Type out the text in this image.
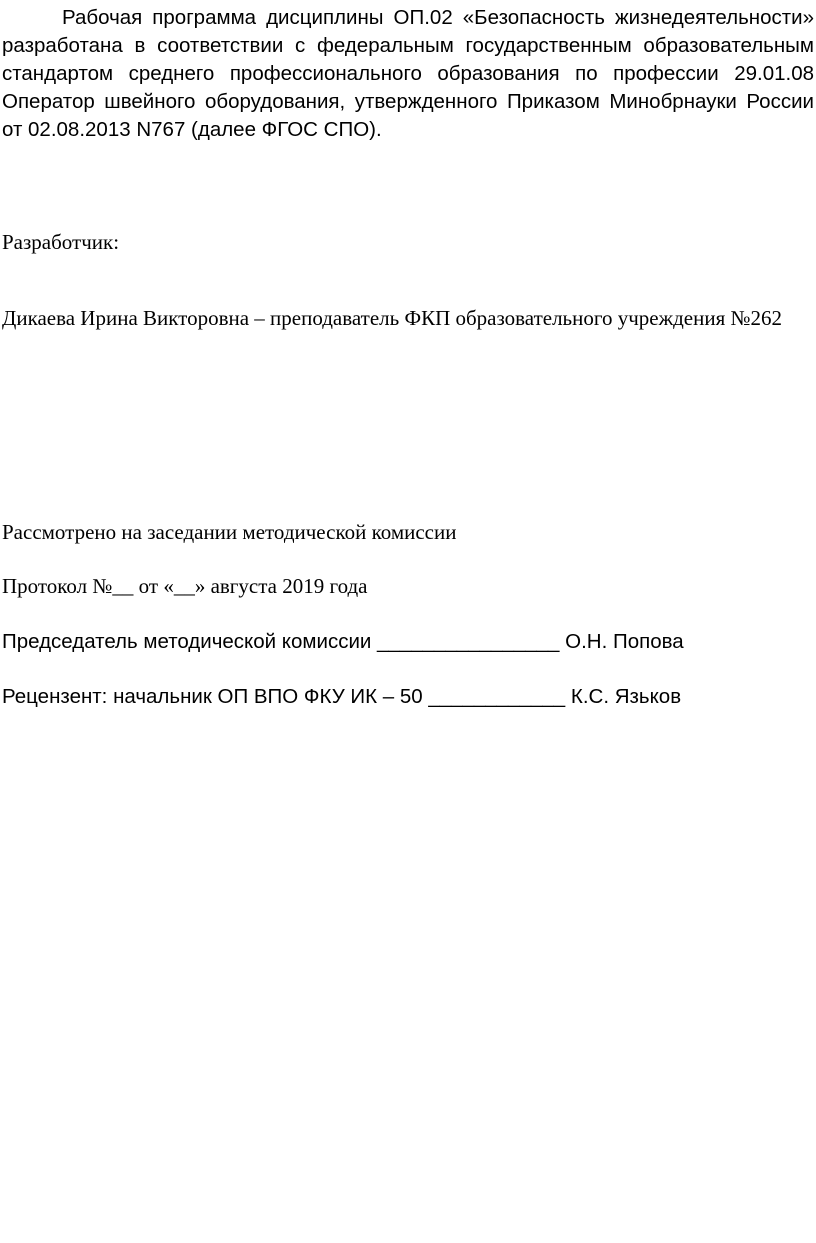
Рабочая программа дисциплины ОП.02 «Безопасность жизнедеятельности» разработана в соответствии с федеральным государственным образовательным стандартом среднего профессионального образования по профессии 29.01.08 Оператор швейного оборудования, утвержденного Приказом Минобрнауки России от 02.08.2013 N767 (далее ФГОС СПО).

Разработчик:

Дикаева Ирина Викторовна – преподаватель ФКП образовательного учреждения №262

Рассмотрено на заседании методической комиссии

Протокол №__ от «__» августа 2019 года

Председатель методической комиссии ________________ О.Н. Попова

Рецензент: начальник ОП ВПО ФКУ ИК – 50 ____________ К.С. Язьков
